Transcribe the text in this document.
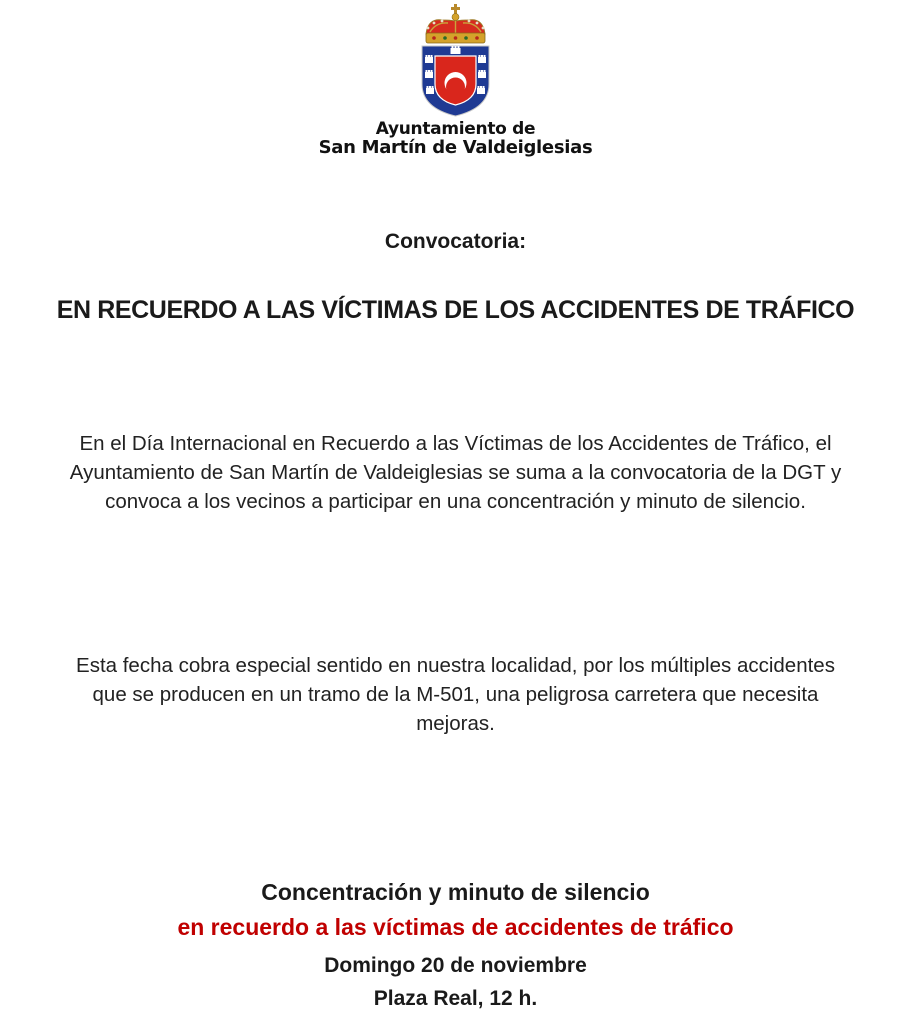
Ayuntamiento de
San Martín de Valdeiglesias
Convocatoria:
EN RECUERDO A LAS VÍCTIMAS DE LOS ACCIDENTES DE TRÁFICO
En el Día Internacional en Recuerdo a las Víctimas de los Accidentes de Tráfico, el Ayuntamiento de San Martín de Valdeiglesias se suma a la convocatoria de la DGT y convoca a los vecinos a participar en una concentración y minuto de silencio.
Esta fecha cobra especial sentido en nuestra localidad, por los múltiples accidentes que se producen en un tramo de la M-501, una peligrosa carretera que necesita mejoras.
Concentración y minuto de silencio
en recuerdo a las víctimas de accidentes de tráfico
Domingo 20 de noviembre
Plaza Real, 12 h.
